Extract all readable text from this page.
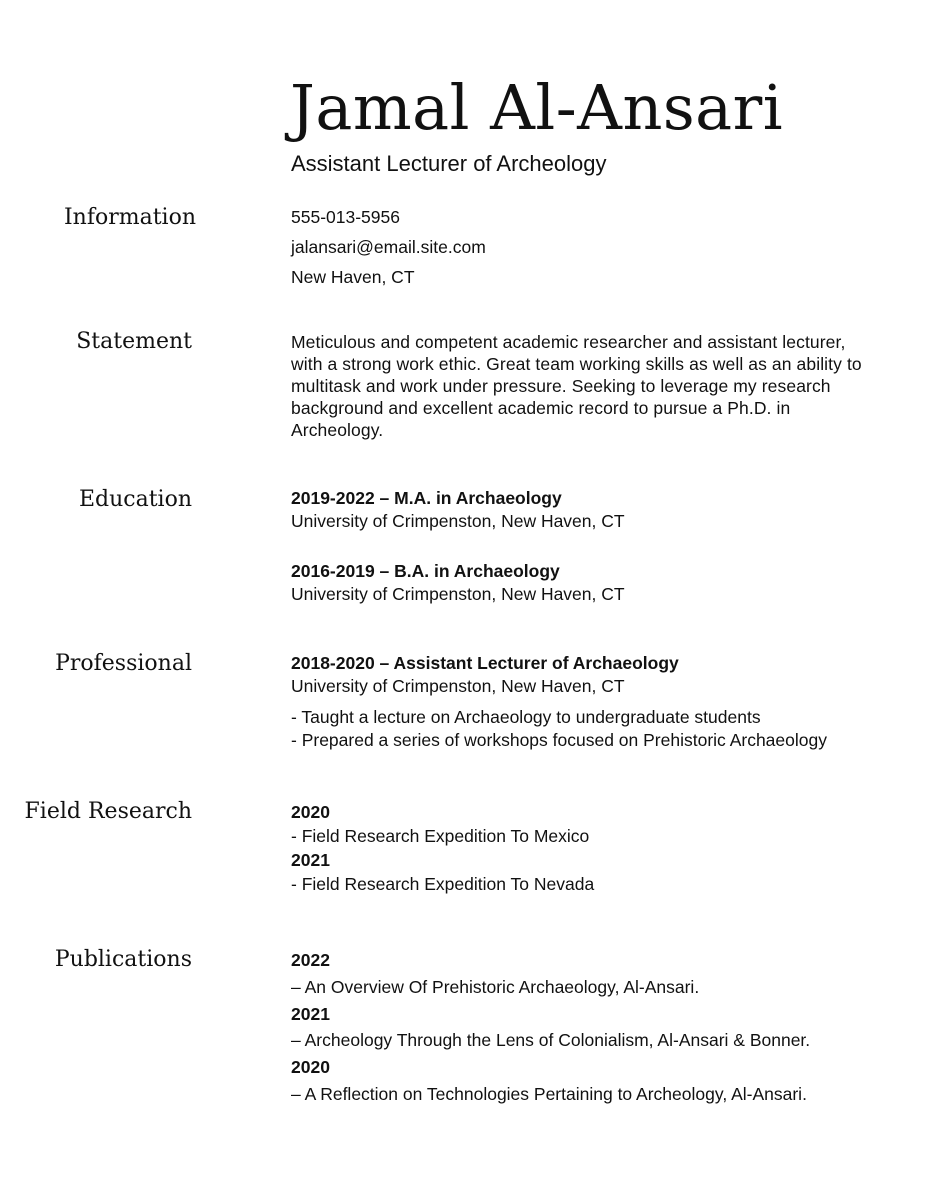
Jamal Al-Ansari
Assistant Lecturer of Archeology
Information	555-013-5956
jalansari@email.site.com
New Haven, CT
Statement	Meticulous and competent academic researcher and assistant lecturer, with a strong work ethic. Great team working skills as well as an ability to multitask and work under pressure. Seeking to leverage my research background and excellent academic record to pursue a Ph.D. in Archeology.
Education	2019-2022 – M.A. in Archaeology
University of Crimpenston, New Haven, CT
2016-2019 – B.A. in Archaeology
University of Crimpenston, New Haven, CT
Professional	2018-2020 – Assistant Lecturer of Archaeology
University of Crimpenston, New Haven, CT
- Taught a lecture on Archaeology to undergraduate students
- Prepared a series of workshops focused on Prehistoric Archaeology
Field Research	2020
- Field Research Expedition To Mexico
2021
- Field Research Expedition To Nevada
Publications	2022
– An Overview Of Prehistoric Archaeology, Al-Ansari.
2021
– Archeology Through the Lens of Colonialism, Al-Ansari & Bonner.
2020
– A Reflection on Technologies Pertaining to Archeology, Al-Ansari.
